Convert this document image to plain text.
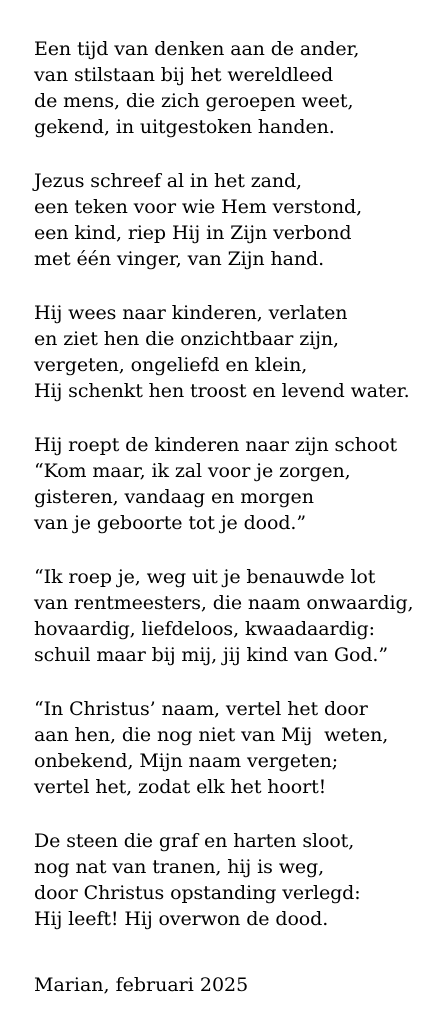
Een tijd van denken aan de ander,
van stilstaan bij het wereldleed
de mens, die zich geroepen weet,
gekend, in uitgestoken handen.
Jezus schreef al in het zand,
een teken voor wie Hem verstond,
een kind, riep Hij in Zijn verbond
met één vinger, van Zijn hand.
Hij wees naar kinderen, verlaten
en ziet hen die onzichtbaar zijn,
vergeten, ongeliefd en klein,
Hij schenkt hen troost en levend water.
Hij roept de kinderen naar zijn schoot
“Kom maar, ik zal voor je zorgen,
gisteren, vandaag en morgen
van je geboorte tot je dood.”
“Ik roep je, weg uit je benauwde lot
van rentmeesters, die naam onwaardig,
hovaardig, liefdeloos, kwaadaardig:
schuil maar bij mij, jij kind van God.”
“In Christus’ naam, vertel het door
aan hen, die nog niet van Mij  weten,
onbekend, Mijn naam vergeten;
vertel het, zodat elk het hoort!
De steen die graf en harten sloot,
nog nat van tranen, hij is weg,
door Christus opstanding verlegd:
Hij leeft! Hij overwon de dood.
Marian, februari 2025
